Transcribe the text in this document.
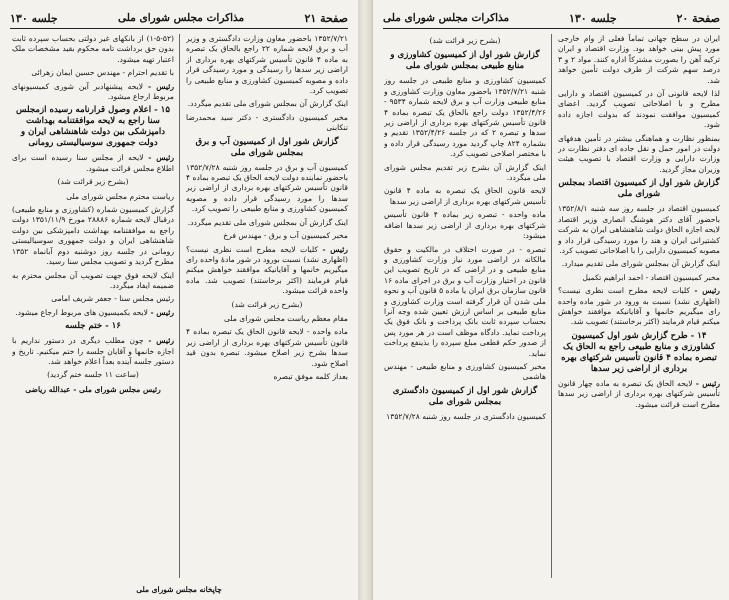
صفحة ٢١
مذاکرات مجلس شورای ملی
جلسه ۱۳۰

۱۳۵۲/۷/۲۱ باحضور معاون وزارت دادگستری و وزیر آب و برق لایحه شماره ۲۲ راجع بالحاق یک تبصره به ماده ۴ قانون تأسیس شرکتهای بهره برداری از اراضی زیر سدها را رسیدگی و مورد رسیدگی قرار داده و مصوبه کمیسیون کشاورزی و منابع طبیعی را تصویب کرد.

اینک گزارش آن بمجلس شورای ملی تقدیم میگردد.

مخبر کمیسیون دادگستری - دکتر سید محمدرضا تنکابنی

گزارش شور اول از کمیسیون آب و برق بمجلس شورای ملی

کمیسیون آب و برق در جلسه روز شنبه ۱۳۵۲/۷/۲۸ باحضور نماینده دولت لایحه الحاق یک تبصره بماده ۴ قانون تأسیس شرکتهای بهره برداری از اراضی زیر سدها را مورد رسیدگی قرار داده و مصوبه کمیسیون کشاورزی و منابع طبیعی را تصویب کرد.

اینک گزارش آن بمجلس شورای ملی تقدیم میگردد.

مخبر کمیسیون آب و برق - مهندس فرخ

رئیس - کلیات لایحه مطرح است نظری نیست؟ (اظهاری نشد) نسبت بورود در شور مادهٔ واحده رای میگیریم خانمها و آقایانیکه موافقند خواهش میکنم قیام فرمایند (اکثر برخاستند) تصویب شد. ماده واحده قرائت میشود.

(بشرح زیر قرائت شد)

مقام معظم ریاست مجلس شورای ملی

ماده واحده - لایحه قانون الحاق یک تبصره بماده ۴ قانون تأسیس شرکتهای بهره برداری از اراضی زیر سدها بشرح زیر اصلاح میشود. تبصره بدون قید اصلاح شود.

بعداز کلمه موفق تبصره

(۱-۵-۵۲) از بانکهای غیر دولتی بحساب سپرده ثابت بدون حق برداشت تامه محکوم بقید مشخصات ملک اعتبار تهیه میشود.

با تقدیم احترام - مهندس حسین ایمان زهرائی

رئیس - لایحه پیشنهادبر آین شوری کمیسیونهای مربوط ارجاع میشود.

۱۵ - اعلام وصول قرارنامه رسیده ازمجلس سنا راجع به لایحه موافقتنامه بهداشت دامپزشکی بین دولت شاهنشاهی ایران و دولت جمهوری سوسیالیستی رومانی

رئیس - لایحه از مجلس سنا رسیده است برای اطلاع مجلس قرائت میشود.

(بشرح زیر قرائت شد)

ریاست محترم مجلس شورای ملی

گزارش کمیسیون شماره (کشاورزی و منابع طبیعی) درقبال لایحه شماره ۲۸۸۸۶ مورخ ۱۳۵۱/۱۱/۹ دولت راجع به موافقتنامه بهداشت دامپزشکی بین دولت شاهنشاهی ایران و دولت جمهوری سوسیالیستی رومانی در جلسه روز دوشنبه دوم آبانماه ۱۳۵۲ مطرح گردید و تصویب مجلس سنا رسید.

اینک لایحه فوق جهت تصویب آن مجلس محترم به ضمیمه ایفاد میگردد.

رئیس مجلس سنا - جعفر شریف امامی

رئیس - لایحه بکمیسیون های مربوط ارجاع میشود.

۱۶ - ختم جلسه

رئیس - چون مطلب دیگری در دستور نداریم با اجازه خانمها و آقایان جلسه را ختم میکنیم. تاریخ و دستور جلسه آینده بعداً اعلام خواهد شد.

(ساعت ۱۱ جلسه ختم گردید)

رئیس مجلس شورای ملی - عبدالله ریاضی

چاپخانه مجلس شورای ملی
صفحة ٢٠
جلسه ۱۳۰
مذاکرات مجلس شورای ملی

ایران در سطح جهانی تماماً فعلی از وام خارجی مورد پیش بینی خواهد بود. وزارت اقتصاد و ایران ترکیه آهن را بصورت مشترکاً اداره کنند. مواد ۲ و ۳ درصد سهم شرکت از طرف دولت تأمین خواهد شد.

لذا لایحه قانونی آن در کمیسیون اقتصاد و دارایی مطرح و با اصلاحاتی تصویب گردید. اعضای کمیسیون موافقت نمودند که بدولت اجازه داده شود.

بمنظور نظارت و هماهنگی بیشتر در تأمین هدفهای دولت در امور حمل و نقل جاده ای دفتر نظارت در وزارت دارایی و وزارت اقتصاد با تصویب هیئت وزیران مجاز گردید.

گزارش شور اول از کمیسیون اقتصاد بمجلس شورای ملی

کمیسیون اقتصاد در جلسه روز سه شنبه ۱۳۵۲/۸/۱ باحضور آقای دکتر هوشنگ انصاری وزیر اقتصاد لایحه اجازه الحاق دولت شاهنشاهی ایران به شرکت کشتیرانی ایران و هند را مورد رسیدگی قرار داد و مصوبه کمیسیون دارایی را با اصلاحاتی تصویب کرد.

اینک گزارش آن بمجلس شورای ملی تقدیم میدارد.

مخبر کمیسیون اقتصاد - احمد ابراهیم تکمیل

رئیس - کلیات لایحه مطرح است نظری نیست؟ (اظهاری نشد) نسبت به ورود در شور ماده واحده رای میگیریم خانمها و آقایانیکه موافقند خواهش میکنم قیام فرمایند (اکثر برخاستند) تصویب شد.

۱۴ - طرح گزارش شور اول کمیسیون کشاورزی و منابع طبیعی راجع به الحاق یک تبصره بماده ۴ قانون تأسیس شرکتهای بهره برداری از اراضی زیر سدها

رئیس - لایحه الحاق یک تبصره به ماده چهار قانون تأسیس شرکتهای بهره برداری از اراضی زیر سدها مطرح است قرائت میشود.

(بشرح زیر قرائت شد)

گزارش شور اول از کمیسیون کشاورزی و منابع طبیعی بمجلس شورای ملی

کمیسیون کشاورزی و منابع طبیعی در جلسه روز شنبه ۱۳۵۲/۷/۲۱ باحضور معاون وزارت کشاورزی و منابع طبیعی وزارت آب و برق لایحه شماره ۹۵۳۴ - ۱۳۵۲/۴/۲۶ دولت راجع بالحاق یک تبصره بماده ۴ قانون تأسیس شرکتهای بهره برداری از اراضی زیر سدها و تبصره ۲ که در جلسه ۱۳۵۲/۴/۲۶ تقدیم و بشماره ۸۲۴ چاپ گردید مورد رسیدگی قرار داده و با مختصر اصلاحی تصویب کرد.

اینک گزارش آن بشرح زیر تقدیم مجلس شورای ملی میگردد.

لایحه قانون الحاق یک تبصره به ماده ۴ قانون تأسیس شرکتهای بهره برداری از اراضی زیر سدها

ماده واحده - تبصره زیر بماده ۴ قانون تأسیس شرکتهای بهره برداری از اراضی زیر سدها اضافه میشود:

تبصره - در صورت اختلاف در مالکیت و حقوق مالکانه در اراضی مورد نیاز وزارت کشاورزی و منابع طبیعی و در اراضی که در تاریخ تصویب این قانون در اختیار وزارت آب و برق در اجرای ماده ۱۶ قانون سازمان برق ایران یا ماده ۵ قانون آب و نحوه ملی شدن آن قرار گرفته است وزارت کشاورزی و منابع طبیعی بر اساس ارزش تعیین شده وجه آنرا بحساب سپرده ثابت بانک پرداخت و بانک فوق یک پرداخت نماید. دادگاه موظف است در هر مورد پس از صدور حکم قطعی مبلغ سپرده را بذینفع پرداخت نماید.

مخبر کمیسیون کشاورزی و منابع طبیعی - مهندس هاشمی

گزارش شور اول از کمیسیون دادگستری بمجلس شورای ملی

کمیسیون دادگستری در جلسه روز شنبه ۱۳۵۲/۷/۲۸
